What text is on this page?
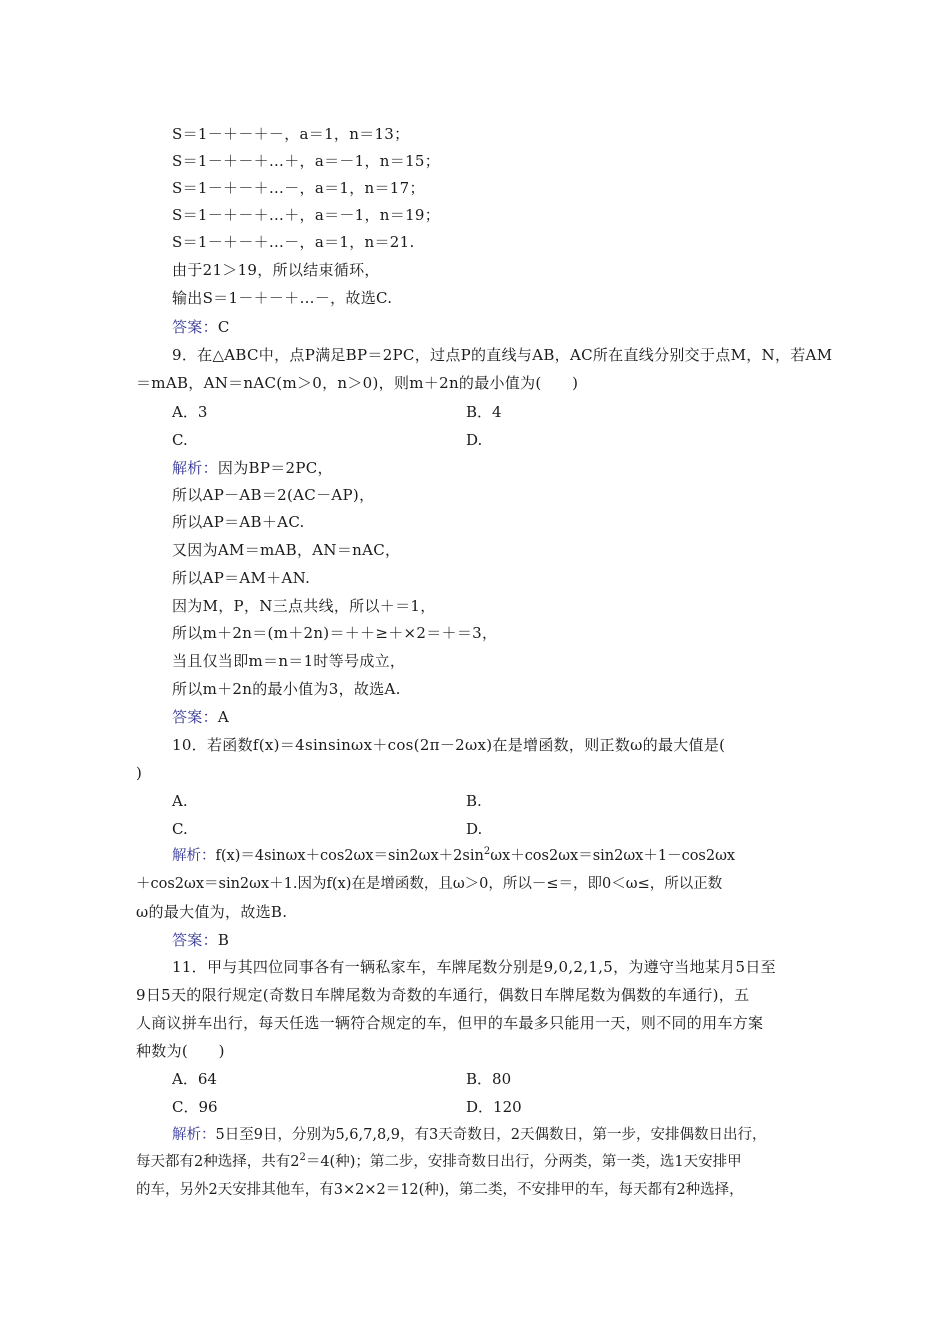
S＝1－＋－＋－，a＝1，n＝13；
S＝1－＋－＋…＋，a＝－1，n＝15；
S＝1－＋－＋…－，a＝1，n＝17；
S＝1－＋－＋…＋，a＝－1，n＝19；
S＝1－＋－＋…－，a＝1，n＝21.
由于21＞19，所以结束循环，
输出S＝1－＋－＋…－，故选C.
答案：C
9．在△ABC中，点P满足BP＝2PC，过点P的直线与AB，AC所在直线分别交于点M，N，若AM
＝mAB，AN＝nAC(m＞0，n＞0)，则m＋2n的最小值为(　　)
A．3	B．4
C.	D.
解析：因为BP＝2PC，
所以AP－AB＝2(AC－AP)，
所以AP＝AB＋AC.
又因为AM＝mAB，AN＝nAC，
所以AP＝AM＋AN.
因为M，P，N三点共线，所以＋＝1，
所以m＋2n＝(m＋2n)＝＋＋≥＋×2＝＋＝3，
当且仅当即m＝n＝1时等号成立，
所以m＋2n的最小值为3，故选A.
答案：A
10．若函数f(x)＝4sinsinωx＋cos(2π－2ωx)在是增函数，则正数ω的最大值是(
)
A.	B.
C.	D.
解析：$f(x)=4\sin\omega x+\cos 2\omega x=\sin 2\omega x+2\sin^2\omega x+\cos 2\omega x=\sin 2\omega x+1-\cos 2\omega x$
＋cos2ωx＝sin2ωx＋1.因为f(x)在是增函数，且ω＞0，所以－≤＝，即0＜ω≤，所以正数
ω的最大值为，故选B.
答案：B
11．甲与其四位同事各有一辆私家车，车牌尾数分别是9,0,2,1,5，为遵守当地某月5日至
9日5天的限行规定(奇数日车牌尾数为奇数的车通行，偶数日车牌尾数为偶数的车通行)，五
人商议拼车出行，每天任选一辆符合规定的车，但甲的车最多只能用一天，则不同的用车方案
种数为(　　)
A．64	B．80
C．96	D．120
解析：5日至9日，分别为5,6,7,8,9，有3天奇数日，2天偶数日，第一步，安排偶数日出行，
每天都有2种选择，共有$2^2=4$(种)；第二步，安排奇数日出行，分两类，第一类，选1天安排甲
的车，另外2天安排其他车，有3×2×2＝12(种)，第二类，不安排甲的车，每天都有2种选择，
